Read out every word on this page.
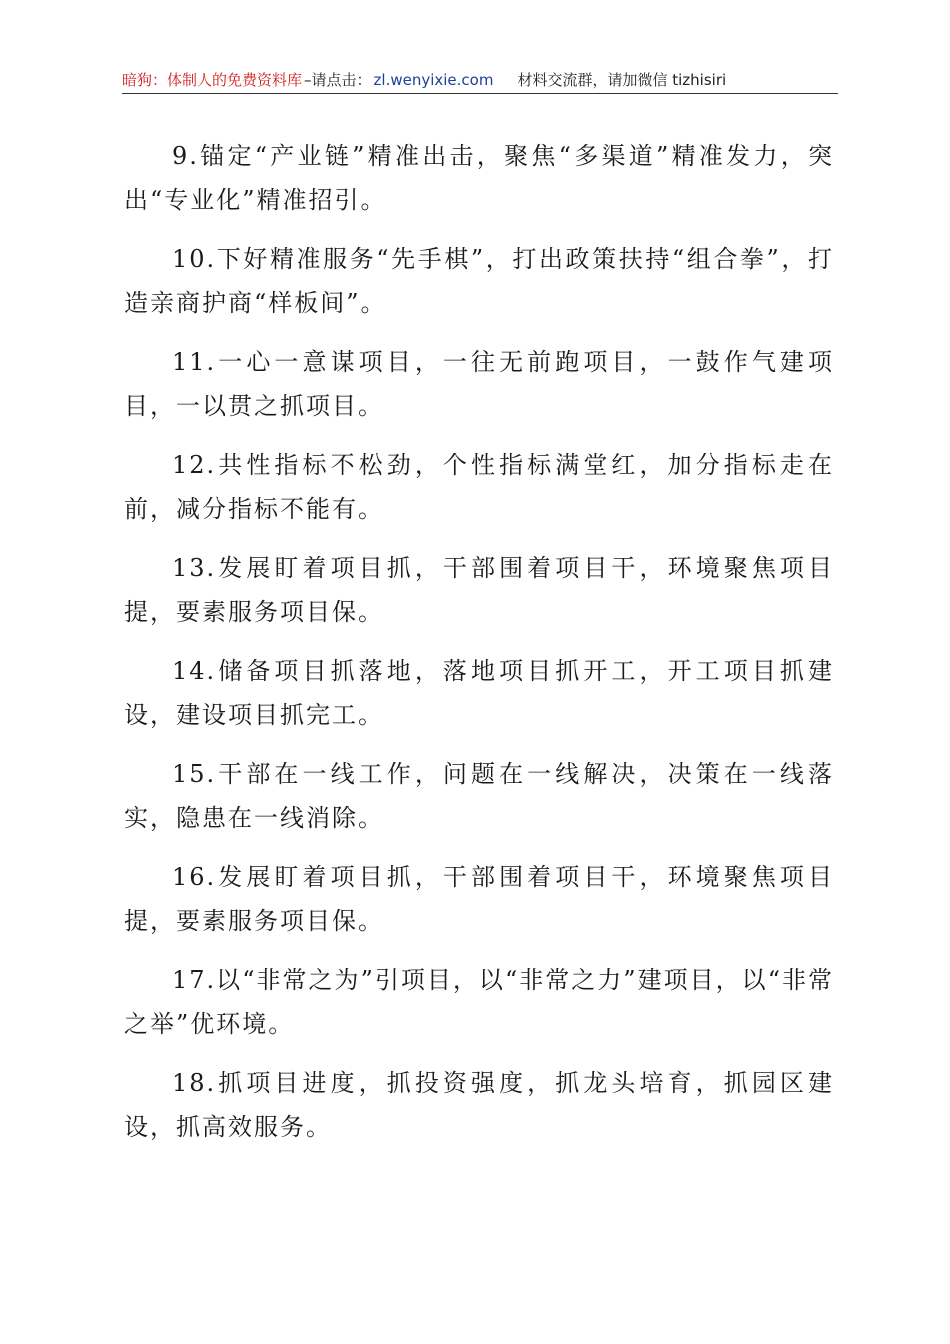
暗狗：体制人的免费资料库 –请点击： zl.wenyixie.com 材料交流群，请加微信 tizhisiri

9.锚定“产业链”精准出击，聚焦“多渠道”精准发力，突出“专业化”精准招引。

10.下好精准服务“先手棋”，打出政策扶持“组合拳”，打造亲商护商“样板间”。

11.一心一意谋项目，一往无前跑项目，一鼓作气建项目，一以贯之抓项目。

12.共性指标不松劲，个性指标满堂红，加分指标走在前，减分指标不能有。

13.发展盯着项目抓，干部围着项目干，环境聚焦项目提，要素服务项目保。

14.储备项目抓落地，落地项目抓开工，开工项目抓建设，建设项目抓完工。

15.干部在一线工作，问题在一线解决，决策在一线落实，隐患在一线消除。

16.发展盯着项目抓，干部围着项目干，环境聚焦项目提，要素服务项目保。

17.以“非常之为”引项目，以“非常之力”建项目，以“非常之举”优环境。

18.抓项目进度，抓投资强度，抓龙头培育，抓园区建设，抓高效服务。
